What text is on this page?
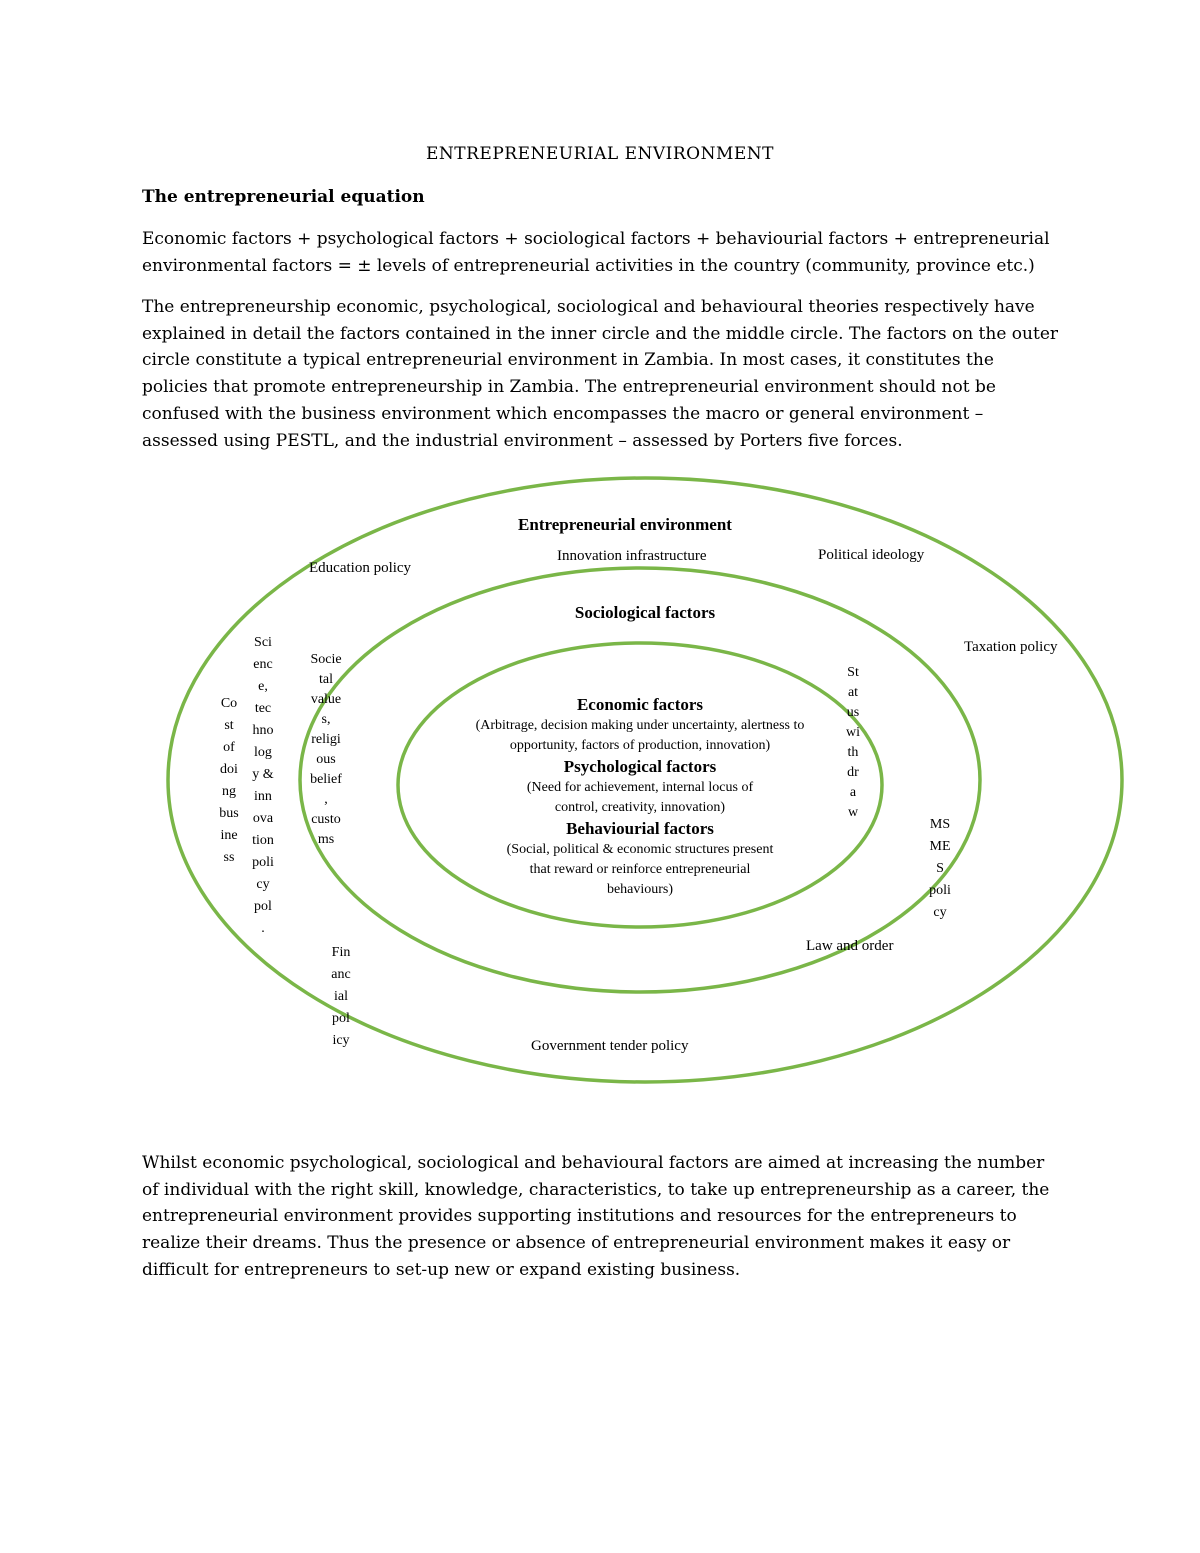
ENTREPRENEURIAL ENVIRONMENT
The entrepreneurial equation

Economic factors + psychological factors + sociological factors + behaviourial factors + entrepreneurial environmental factors = ± levels of entrepreneurial activities in the country (community, province etc.)

The entrepreneurship economic, psychological, sociological and behavioural theories respectively have explained in detail the factors contained in the inner circle and the middle circle. The factors on the outer circle constitute a typical entrepreneurial environment in Zambia. In most cases, it constitutes the policies that promote entrepreneurship in Zambia. The entrepreneurial environment should not be confused with the business environment which encompasses the macro or general environment – assessed using PESTL, and the industrial environment – assessed by Porters five forces.

Entrepreneurial environment
Education policy
Innovation infrastructure	Political ideology
Taxation policy
Co
st
of
doi
ng
bus
ine
ss
Sci
enc
e,
tec
hno
log
y &
inn
ova
tion
poli
cy
pol
.
Fin
anc
ial
pol
icy
MS
ME
S
poli
cy
Law and order
Government tender policy
Sociological factors
Socie
tal
value
s,
religi
ous
belief
,
custo
ms
St
at
us
wi
th
dr
a
w
Economic factors
(Arbitrage, decision making under uncertainty, alertness to opportunity, factors of production, innovation)
Psychological factors
(Need for achievement, internal locus of control, creativity, innovation)
Behaviourial factors
(Social, political & economic structures present that reward or reinforce entrepreneurial behaviours)

Whilst economic psychological, sociological and behavioural factors are aimed at increasing the number of individual with the right skill, knowledge, characteristics, to take up entrepreneurship as a career, the entrepreneurial environment provides supporting institutions and resources for the entrepreneurs to realize their dreams. Thus the presence or absence of entrepreneurial environment makes it easy or difficult for entrepreneurs to set-up new or expand existing business.
